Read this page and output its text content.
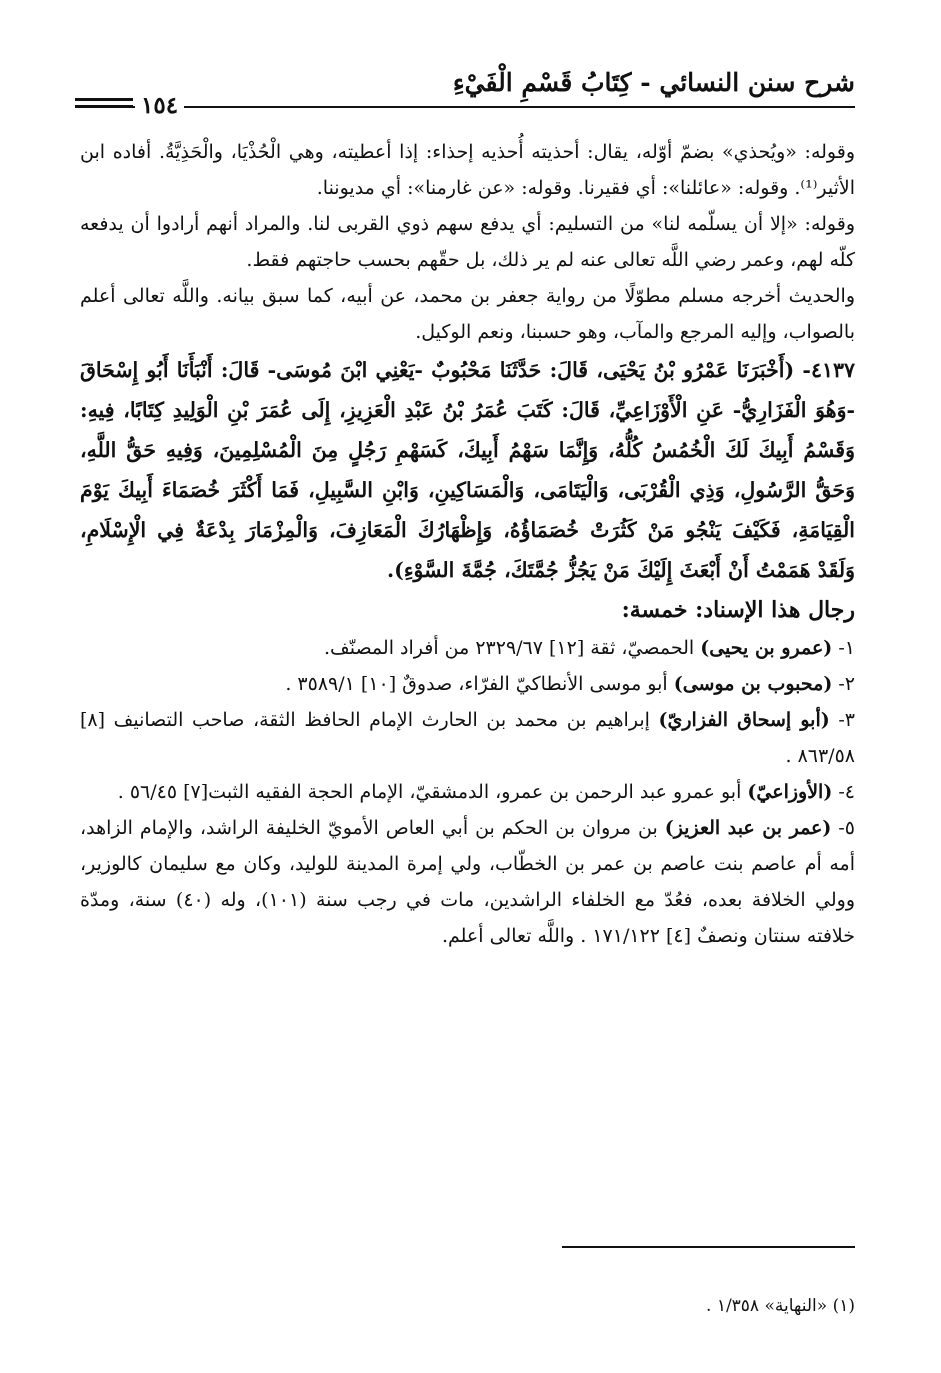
شرح سنن النسائي - كِتَابُ قَسْمِ الْفَيْءِ
١٥٤

وقوله: «ويُحذي» بضمّ أوّله، يقال: أحذيته أُحذيه إحذاء: إذا أعطيته، وهي الْحُذْيَا، والْحَذِيَّةُ. أفاده ابن الأثير⁽¹⁾. وقوله: «عائلنا»: أي فقيرنا. وقوله: «عن غارمنا»: أي مديوننا.

وقوله: «إلا أن يسلّمه لنا» من التسليم: أي يدفع سهم ذوي القربى لنا. والمراد أنهم أرادوا أن يدفعه كلّه لهم، وعمر رضي اللَّه تعالى عنه لم ير ذلك، بل حقّهم بحسب حاجتهم فقط.

والحديث أخرجه مسلم مطوّلًا من رواية جعفر بن محمد، عن أبيه، كما سبق بيانه. واللَّه تعالى أعلم بالصواب، وإليه المرجع والمآب، وهو حسبنا، ونعم الوكيل.

٤١٣٧- (أَخْبَرَنَا عَمْرُو بْنُ يَحْيَى، قَالَ: حَدَّثَنَا مَحْبُوبٌ -يَعْنِي ابْنَ مُوسَى- قَالَ: أَنْبَأَنَا أَبُو إِسْحَاقَ -وَهُوَ الْفَزَارِيُّ- عَنِ الْأَوْزَاعِيِّ، قَالَ: كَتَبَ عُمَرُ بْنُ عَبْدِ الْعَزِيزِ، إِلَى عُمَرَ بْنِ الْوَلِيدِ كِتَابًا، فِيهِ: وَقَسْمُ أَبِيكَ لَكَ الْخُمُسُ كُلُّهُ، وَإِنَّمَا سَهْمُ أَبِيكَ، كَسَهْمِ رَجُلٍ مِنَ الْمُسْلِمِينَ، وَفِيهِ حَقُّ اللَّهِ، وَحَقُّ الرَّسُولِ، وَذِي الْقُرْبَى، وَالْيَتَامَى، وَالْمَسَاكِينِ، وَابْنِ السَّبِيلِ، فَمَا أَكْثَرَ خُصَمَاءَ أَبِيكَ يَوْمَ الْقِيَامَةِ، فَكَيْفَ يَنْجُو مَنْ كَثُرَتْ خُصَمَاؤُهُ، وَإِظْهَارُكَ الْمَعَازِفَ، وَالْمِزْمَارَ بِدْعَةٌ فِي الْإِسْلَامِ، وَلَقَدْ هَمَمْتُ أَنْ أَبْعَثَ إِلَيْكَ مَنْ يَجُزُّ جُمَّتَكَ، جُمَّةَ السَّوْءِ).

رجال هذا الإسناد: خمسة:

١- (عمرو بن يحيى) الحمصيّ، ثقة [١٢] ٢٣٢٩/٦٧ من أفراد المصنّف.

٢- (محبوب بن موسى) أبو موسى الأنطاكيّ الفرّاء، صدوقٌ [١٠] ٣٥٨٩/١ .

٣- (أبو إسحاق الفزاريّ) إبراهيم بن محمد بن الحارث الإمام الحافظ الثقة، صاحب التصانيف [٨] ٨٦٣/٥٨ .

٤- (الأوزاعيّ) أبو عمرو عبد الرحمن بن عمرو، الدمشقيّ، الإمام الحجة الفقيه الثبت[٧] ٥٦/٤٥ .

٥- (عمر بن عبد العزيز) بن مروان بن الحكم بن أبي العاص الأمويّ الخليفة الراشد، والإمام الزاهد، أمه أم عاصم بنت عاصم بن عمر بن الخطّاب، ولي إمرة المدينة للوليد، وكان مع سليمان كالوزير، وولي الخلافة بعده، فعُدّ مع الخلفاء الراشدين، مات في رجب سنة (١٠١)، وله (٤٠) سنة، ومدّة خلافته سنتان ونصفٌ [٤] ١٧١/١٢٢ . واللَّه تعالى أعلم.

(١) «النهاية» ١/٣٥٨ .
